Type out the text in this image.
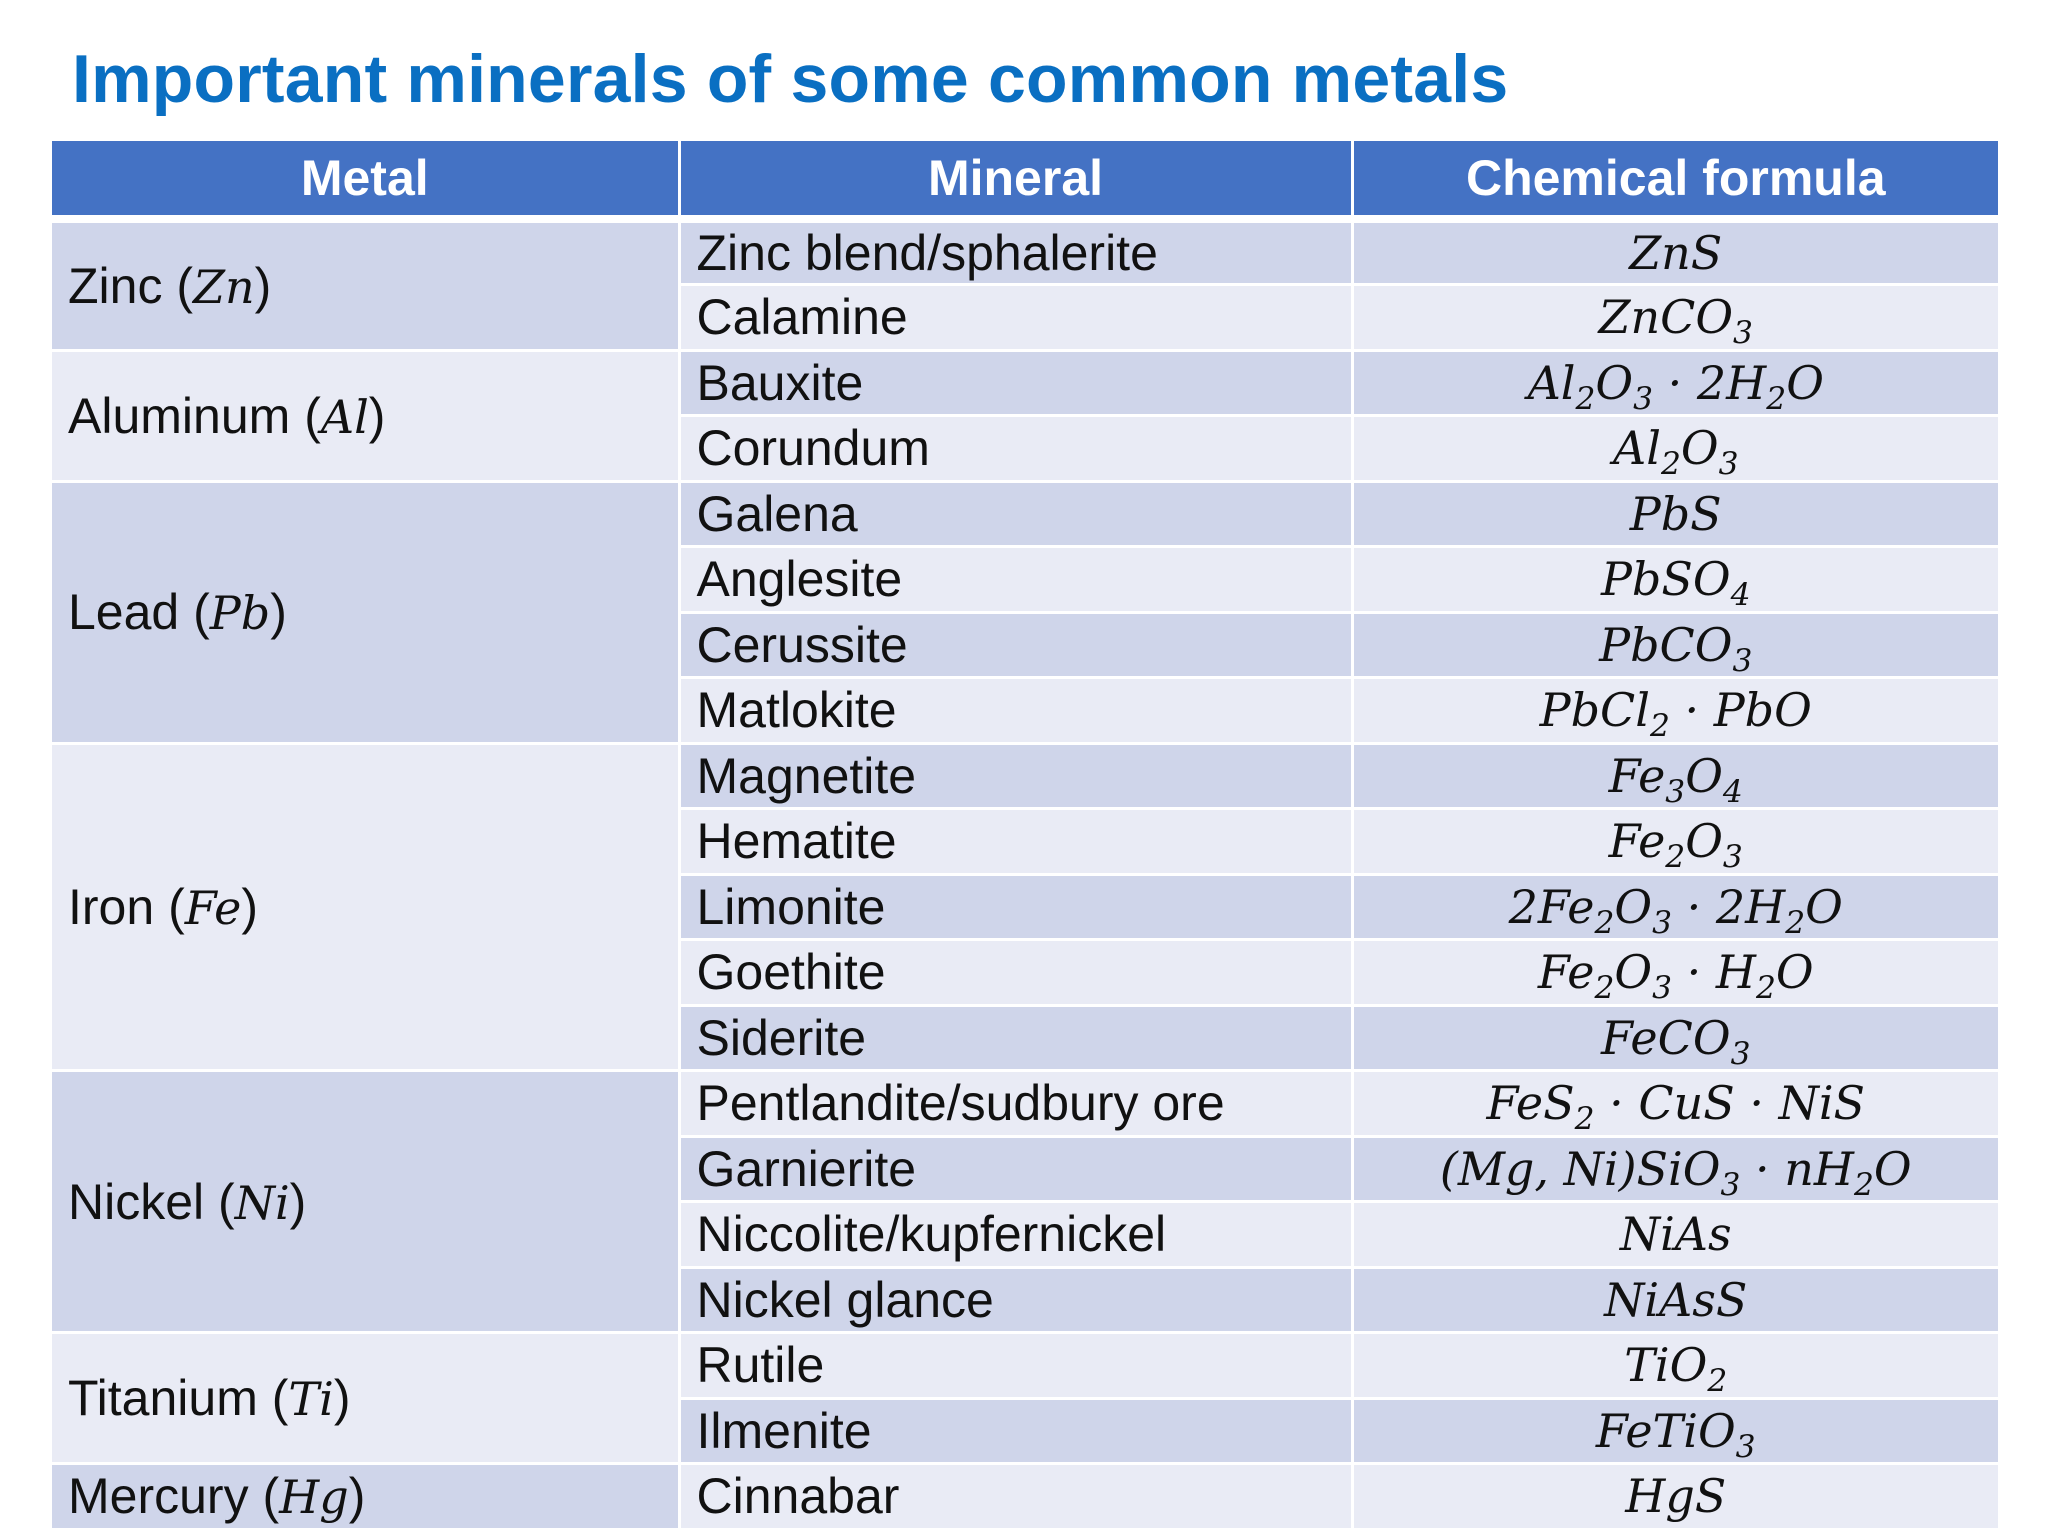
Important minerals of some common metals
Metal	Mineral	Chemical formula
Zinc (Zn)	Zinc blend/sphalerite	ZnS
	Calamine	ZnCO$_3$
Aluminum (Al)	Bauxite	$Al_2O_3 \cdot 2H_2O$
	Corundum	$Al_2O_3$
Lead (Pb)	Galena	PbS
	Anglesite	PbSO$_4$
	Cerussite	PbCO$_3$
	Matlokite	PbCl$_2$ · PbO
Iron (Fe)	Magnetite	$Fe_3O_4$
	Hematite	$Fe_2O_3$
	Limonite	$2Fe_2O_3 \cdot 2H_2O$
	Goethite	$Fe_2O_3 \cdot H_2O$
	Siderite	FeCO$_3$
Nickel (Ni)	Pentlandite/sudbury ore	FeS$_2$ · CuS · NiS
	Garnierite	(Mg, $Ni)SiO_3 \cdot nH_2O$
	Niccolite/kupfernickel	NiAs
	Nickel glance	NiAsS
Titanium (Ti)	Rutile	TiO$_2$
	Ilmenite	FeTiO$_3$
Mercury (Hg)	Cinnabar	HgS
